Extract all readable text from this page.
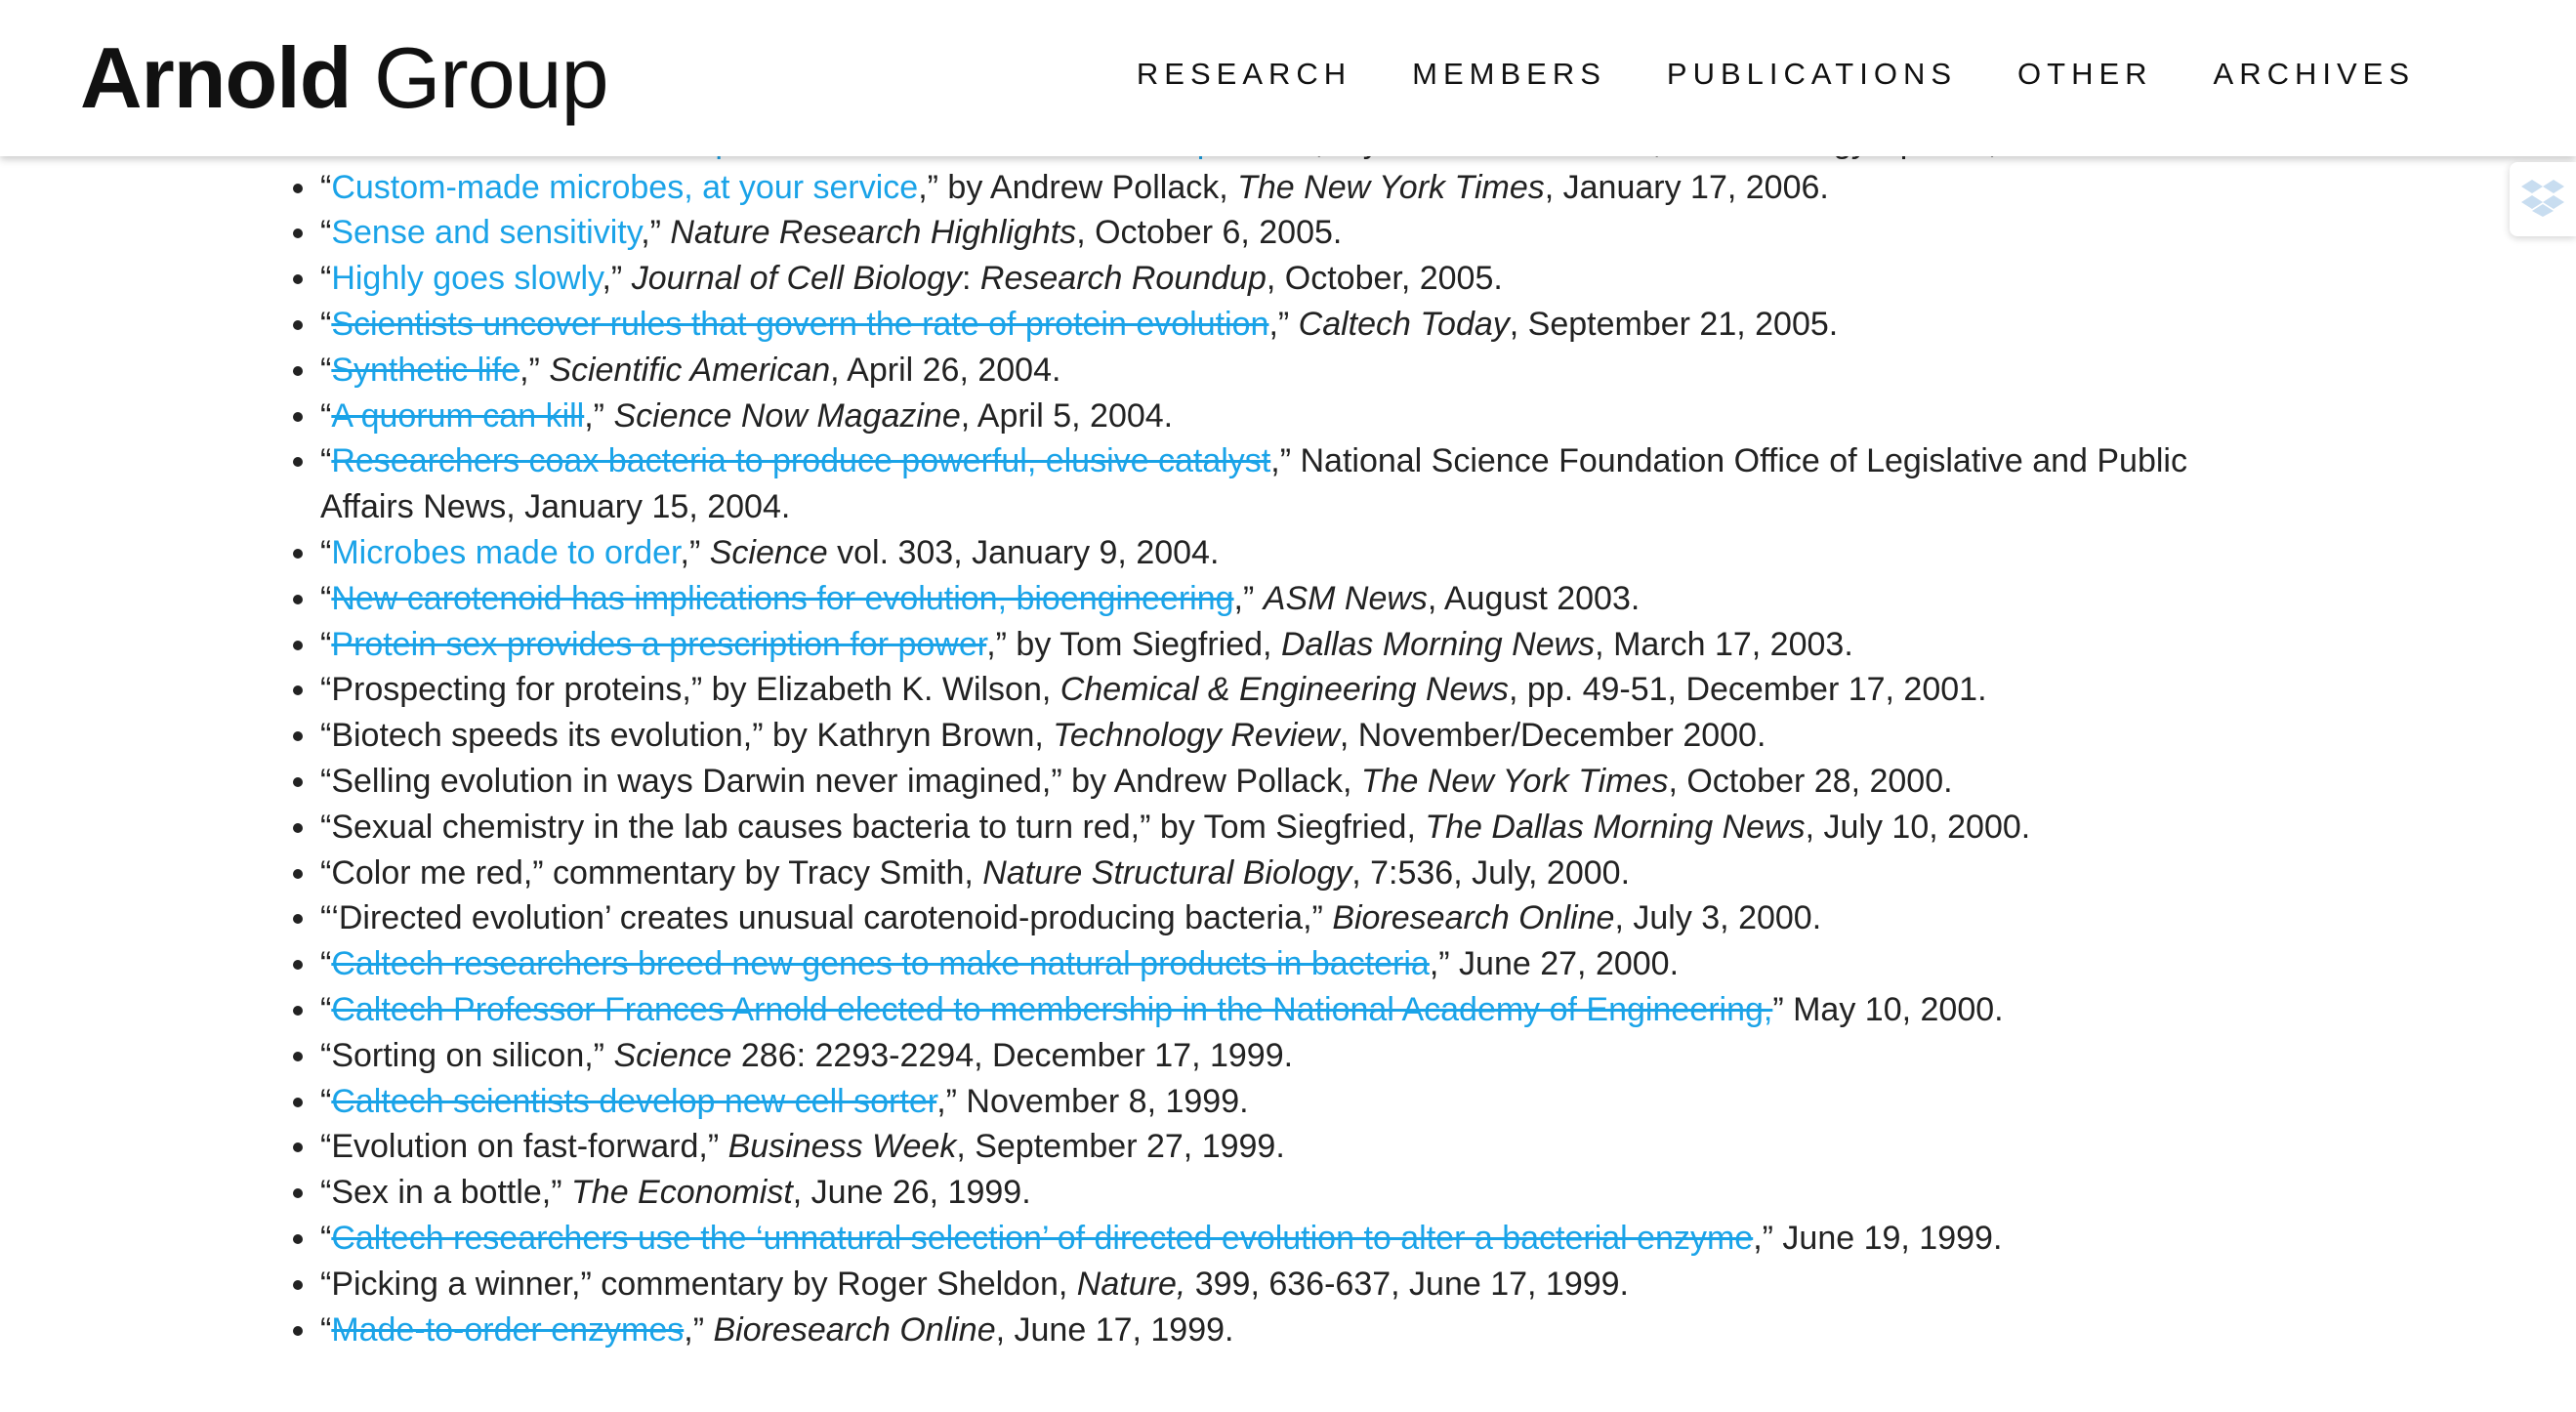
Arnold Group	RESEARCH MEMBERS PUBLICATIONS OTHER ARCHIVES
“Custom-made microbes, at your service,” by Andrew Pollack, The New York Times, January 17, 2006.
“Sense and sensitivity,” Nature Research Highlights, October 6, 2005.
“Highly goes slowly,” Journal of Cell Biology: Research Roundup, October, 2005.
“Scientists uncover rules that govern the rate of protein evolution,” Caltech Today, September 21, 2005.
“Synthetic life,” Scientific American, April 26, 2004.
“A quorum can kill,” Science Now Magazine, April 5, 2004.
“Researchers coax bacteria to produce powerful, elusive catalyst,” National Science Foundation Office of Legislative and Public Affairs News, January 15, 2004.
“Microbes made to order,” Science vol. 303, January 9, 2004.
“New carotenoid has implications for evolution, bioengineering,” ASM News, August 2003.
“Protein sex provides a prescription for power,” by Tom Siegfried, Dallas Morning News, March 17, 2003.
“Prospecting for proteins,” by Elizabeth K. Wilson, Chemical & Engineering News, pp. 49-51, December 17, 2001.
“Biotech speeds its evolution,” by Kathryn Brown, Technology Review, November/December 2000.
“Selling evolution in ways Darwin never imagined,” by Andrew Pollack, The New York Times, October 28, 2000.
“Sexual chemistry in the lab causes bacteria to turn red,” by Tom Siegfried, The Dallas Morning News, July 10, 2000.
“Color me red,” commentary by Tracy Smith, Nature Structural Biology, 7:536, July, 2000.
“‘Directed evolution’ creates unusual carotenoid-producing bacteria,” Bioresearch Online, July 3, 2000.
“Caltech researchers breed new genes to make natural products in bacteria,” June 27, 2000.
“Caltech Professor Frances Arnold elected to membership in the National Academy of Engineering,” May 10, 2000.
“Sorting on silicon,” Science 286: 2293-2294, December 17, 1999.
“Caltech scientists develop new cell sorter,” November 8, 1999.
“Evolution on fast-forward,” Business Week, September 27, 1999.
“Sex in a bottle,” The Economist, June 26, 1999.
“Caltech researchers use the ‘unnatural selection’ of directed evolution to alter a bacterial enzyme,” June 19, 1999.
“Picking a winner,” commentary by Roger Sheldon, Nature, 399, 636-637, June 17, 1999.
“Made-to-order enzymes,” Bioresearch Online, June 17, 1999.
